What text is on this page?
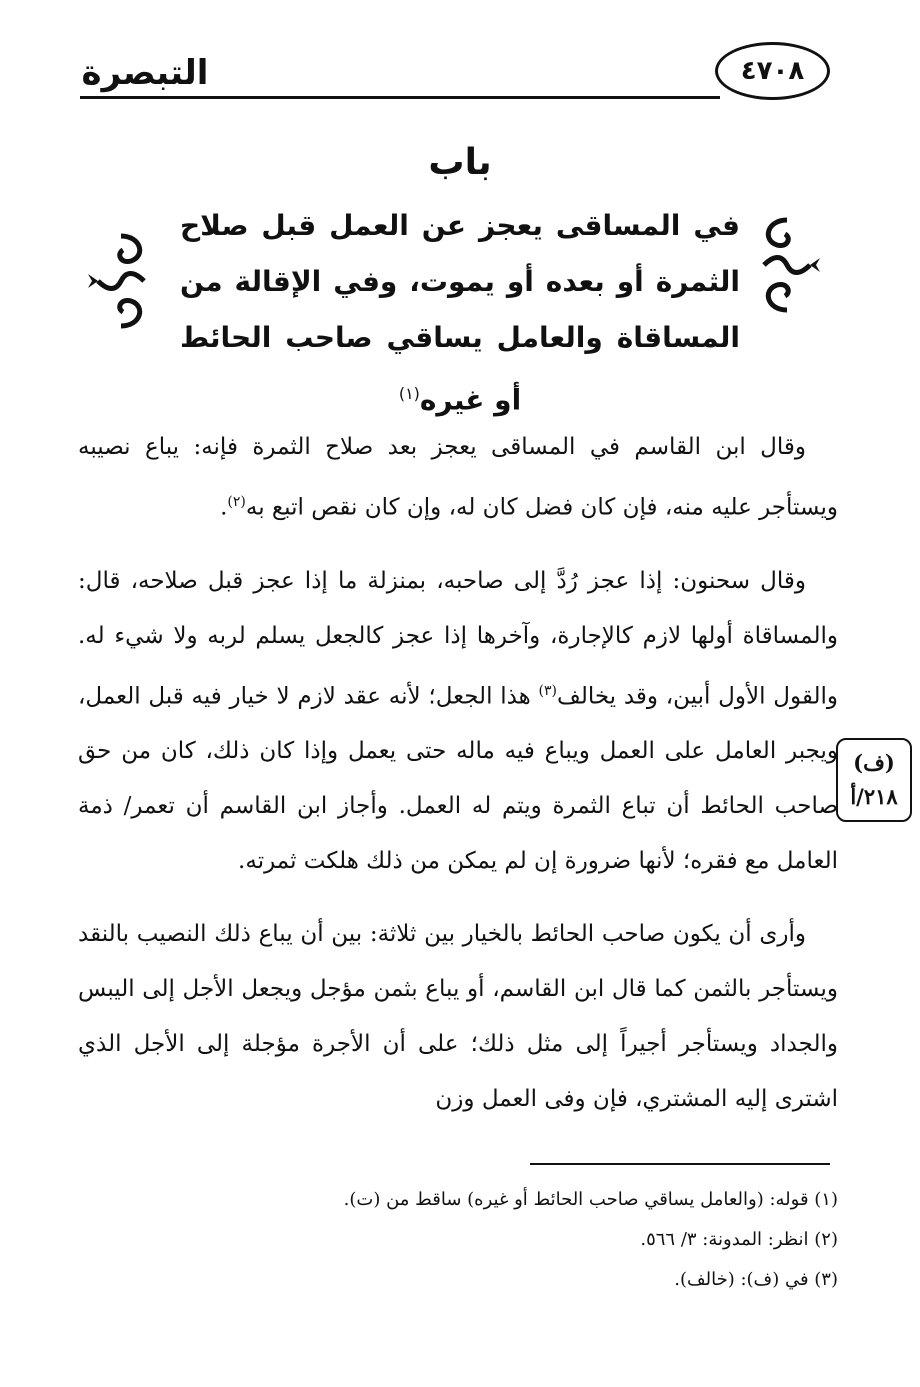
التبصرة	٤٧٠٨
باب
في المساقى يعجز عن العمل قبل صلاح الثمرة أو بعده أو يموت، وفي الإقالة من المساقاة والعامل يساقي صاحب الحائط أو غيره$^{(١)}$

وقال ابن القاسم في المساقى يعجز بعد صلاح الثمرة فإنه: يباع نصيبه ويستأجر عليه منه، فإن كان فضل كان له، وإن كان نقص اتبع به$^{(٢)}$.

وقال سحنون: إذا عجز رُدَّ إلى صاحبه، بمنزلة ما إذا عجز قبل صلاحه، قال: والمساقاة أولها لازم كالإجارة، وآخرها إذا عجز كالجعل يسلم لربه ولا شيء له. والقول الأول أبين، وقد يخالف$^{(٣)}$ هذا الجعل؛ لأنه عقد لازم لا خيار فيه قبل العمل، ويجبر العامل على العمل ويباع فيه ماله حتى يعمل وإذا كان ذلك، كان من حق صاحب الحائط أن تباع الثمرة ويتم له العمل. وأجاز ابن القاسم أن تعمر/ ذمة العامل مع فقره؛ لأنها ضرورة إن لم يمكن من ذلك هلكت ثمرته.

وأرى أن يكون صاحب الحائط بالخيار بين ثلاثة: بين أن يباع ذلك النصيب بالنقد ويستأجر بالثمن كما قال ابن القاسم، أو يباع بثمن مؤجل ويجعل الأجل إلى اليبس والجداد ويستأجر أجيراً إلى مثل ذلك؛ على أن الأجرة مؤجلة إلى الأجل الذي اشترى إليه المشتري، فإن وفى العمل وزن

(ف)
٢١٨/أ
(١) قوله: (والعامل يساقي صاحب الحائط أو غيره) ساقط من (ت).
(٢) انظر: المدونة: ٣/ ٥٦٦.
(٣) في (ف): (خالف).
